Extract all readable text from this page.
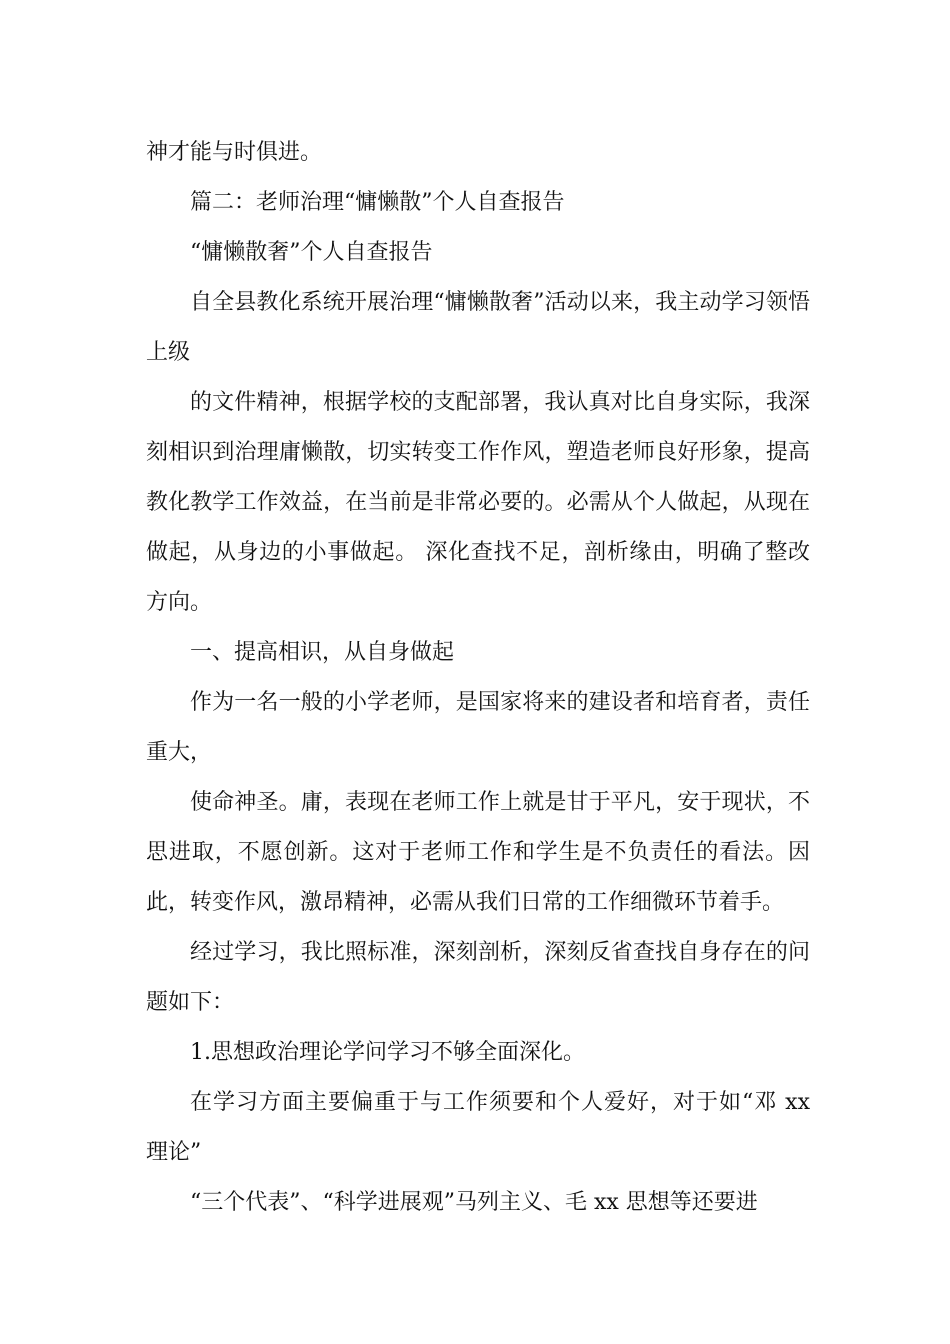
神才能与时俱进。

篇二：老师治理“慵懒散”个人自查报告

“慵懒散奢”个人自查报告

自全县教化系统开展治理“慵懒散奢”活动以来，我主动学习领悟上级

的文件精神，根据学校的支配部署，我认真对比自身实际，我深刻相识到治理庸懒散，切实转变工作作风，塑造老师良好形象，提高教化教学工作效益，在当前是非常必要的。必需从个人做起，从现在做起，从身边的小事做起。 深化查找不足，剖析缘由，明确了整改方向。

一、提高相识，从自身做起

作为一名一般的小学老师，是国家将来的建设者和培育者，责任重大，

使命神圣。庸，表现在老师工作上就是甘于平凡，安于现状，不思进取，不愿创新。这对于老师工作和学生是不负责任的看法。因此，转变作风，激昂精神，必需从我们日常的工作细微环节着手。

经过学习，我比照标准，深刻剖析，深刻反省查找自身存在的问题如下：

1.思想政治理论学问学习不够全面深化。

在学习方面主要偏重于与工作须要和个人爱好，对于如“邓 xx 理论”

“三个代表”、“科学进展观”马列主义、毛 xx 思想等还要进
